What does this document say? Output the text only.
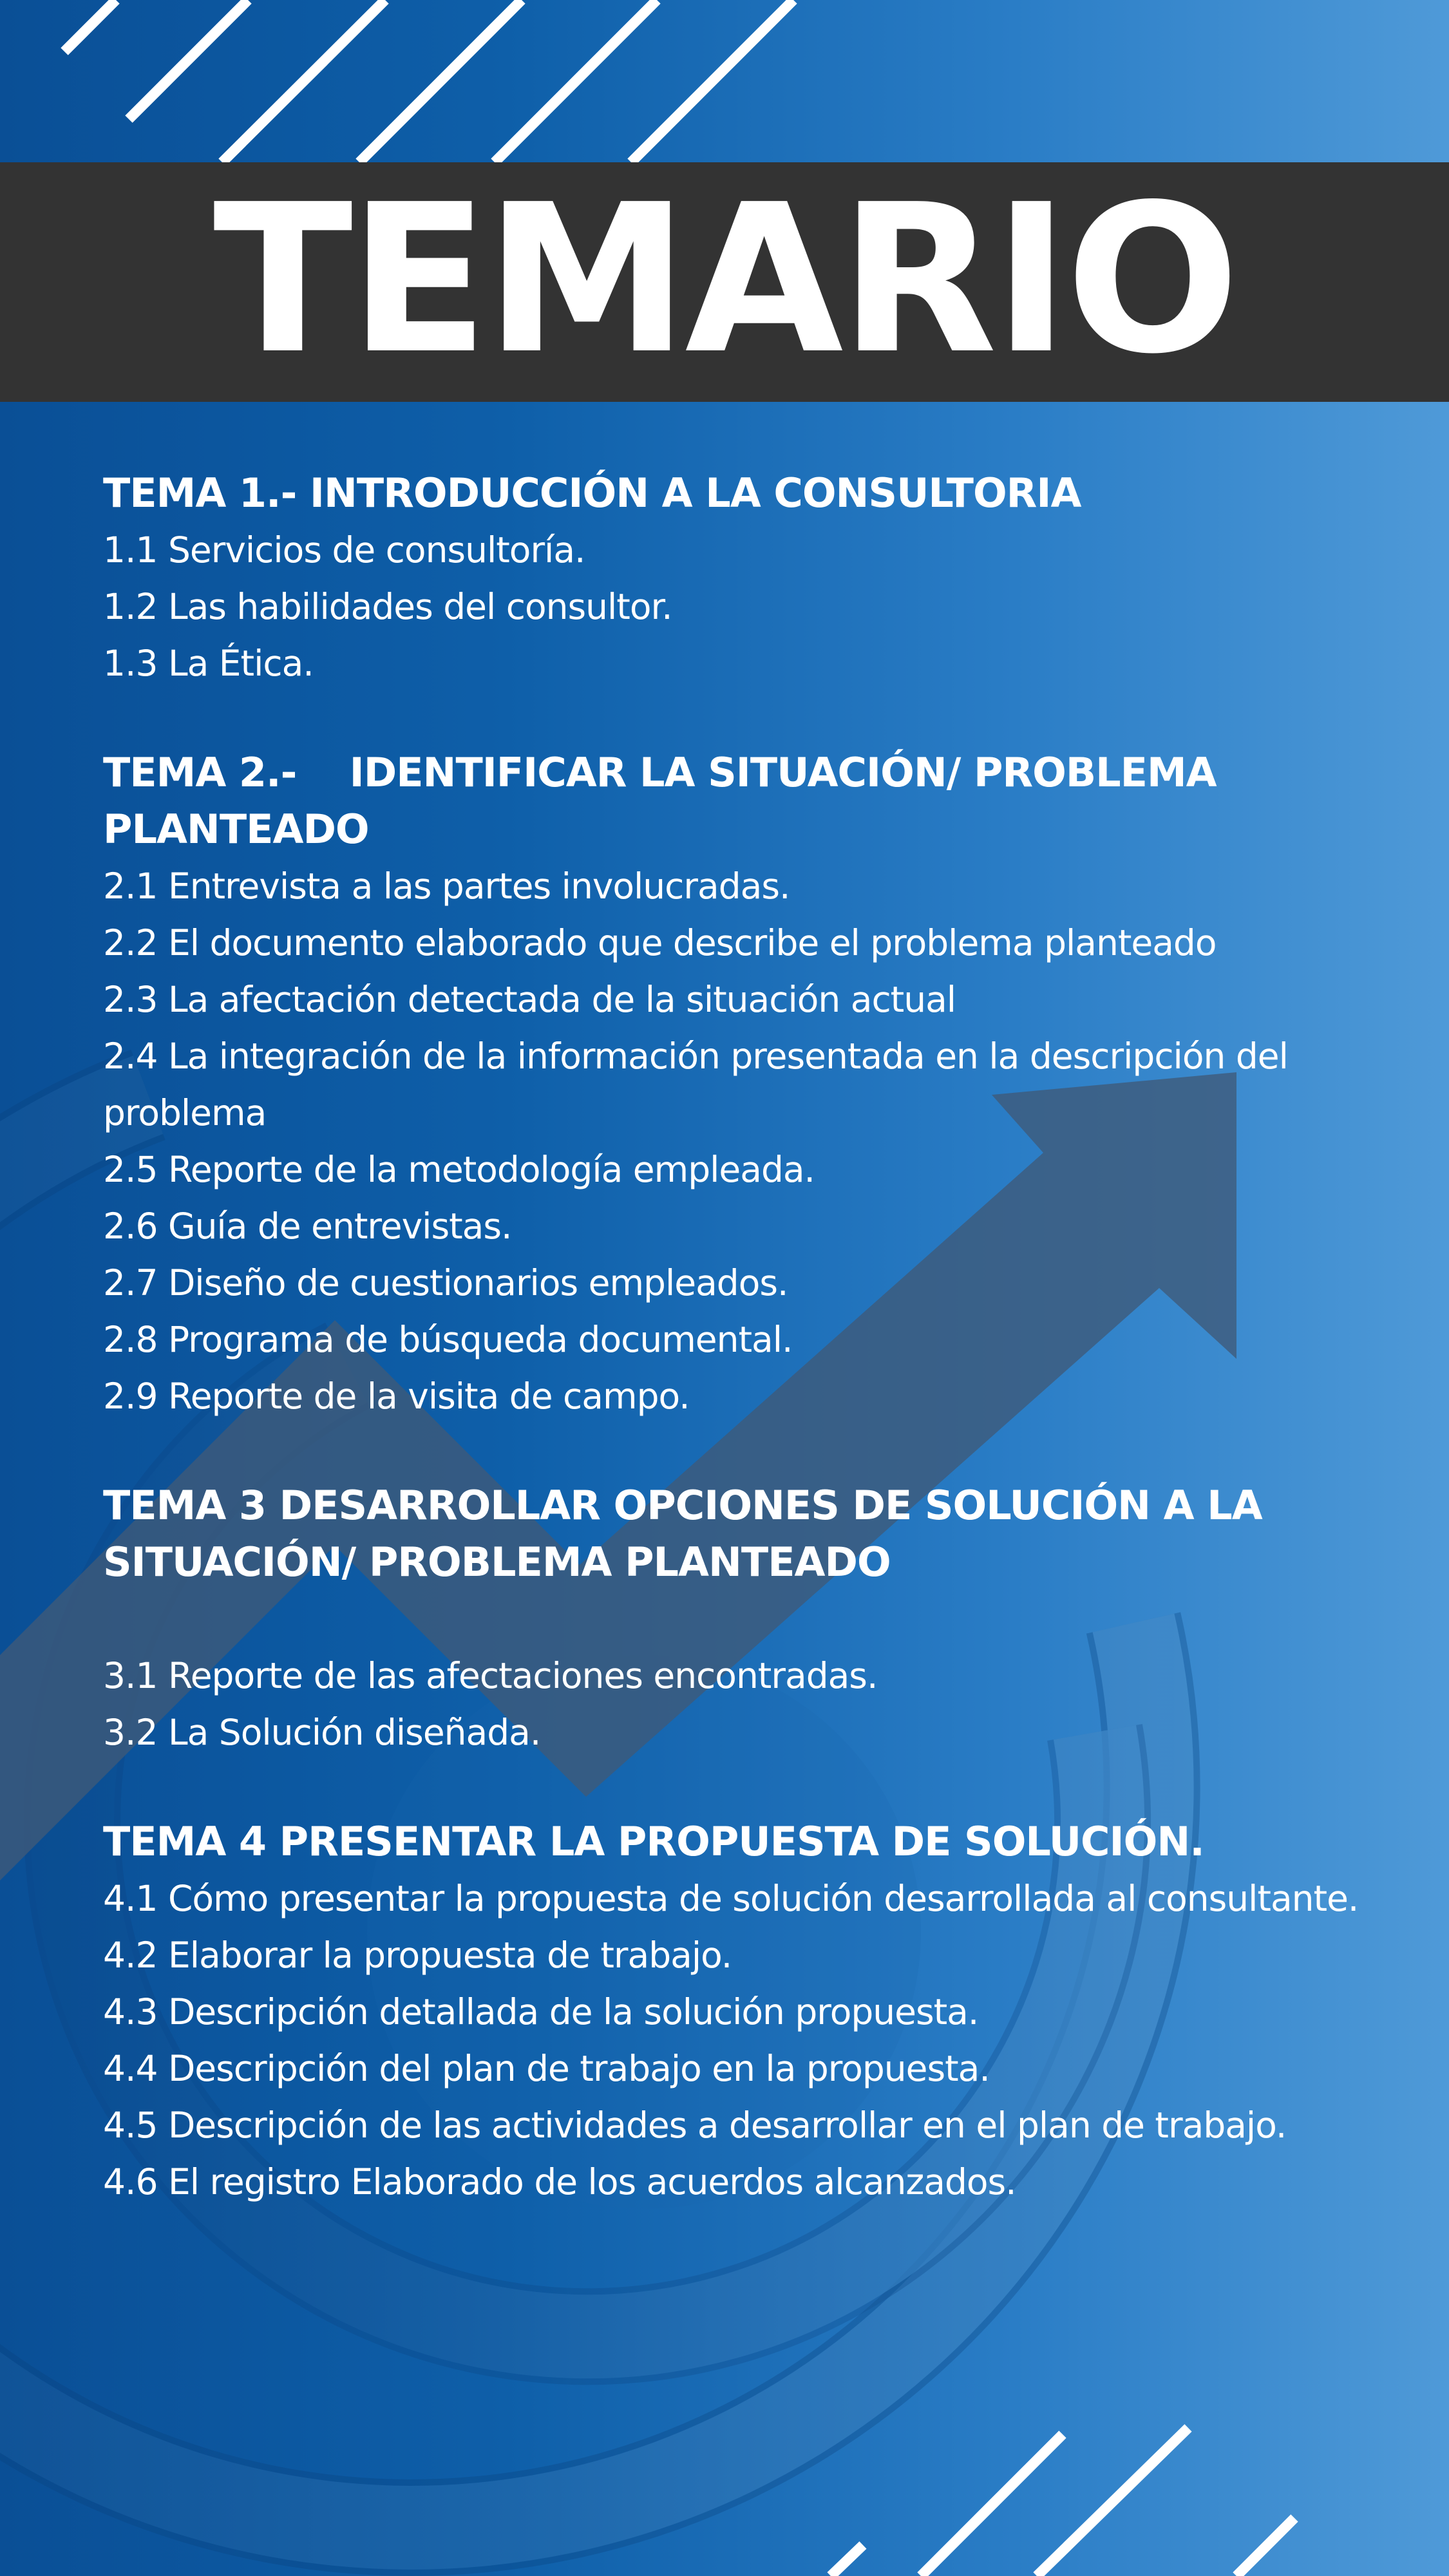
TEMARIO
TEMA 1.- INTRODUCCIÓN A LA CONSULTORIA
1.1 Servicios de consultoría.
1.2 Las habilidades del consultor.
1.3 La Ética.
TEMA 2.-    IDENTIFICAR LA SITUACIÓN/ PROBLEMA PLANTEADO
2.1 Entrevista a las partes involucradas.
2.2 El documento elaborado que describe el problema planteado
2.3 La afectación detectada de la situación actual
2.4 La integración de la información presentada en la descripción del problema
2.5 Reporte de la metodología empleada.
2.6 Guía de entrevistas.
2.7 Diseño de cuestionarios empleados.
2.8 Programa de búsqueda documental.
2.9 Reporte de la visita de campo.
TEMA 3 DESARROLLAR OPCIONES DE SOLUCIÓN A LA SITUACIÓN/ PROBLEMA PLANTEADO
3.1 Reporte de las afectaciones encontradas.
3.2 La Solución diseñada.
TEMA 4 PRESENTAR LA PROPUESTA DE SOLUCIÓN.
4.1 Cómo presentar la propuesta de solución desarrollada al consultante.
4.2 Elaborar la propuesta de trabajo.
4.3 Descripción detallada de la solución propuesta.
4.4 Descripción del plan de trabajo en la propuesta.
4.5 Descripción de las actividades a desarrollar en el plan de trabajo.
4.6 El registro Elaborado de los acuerdos alcanzados.
